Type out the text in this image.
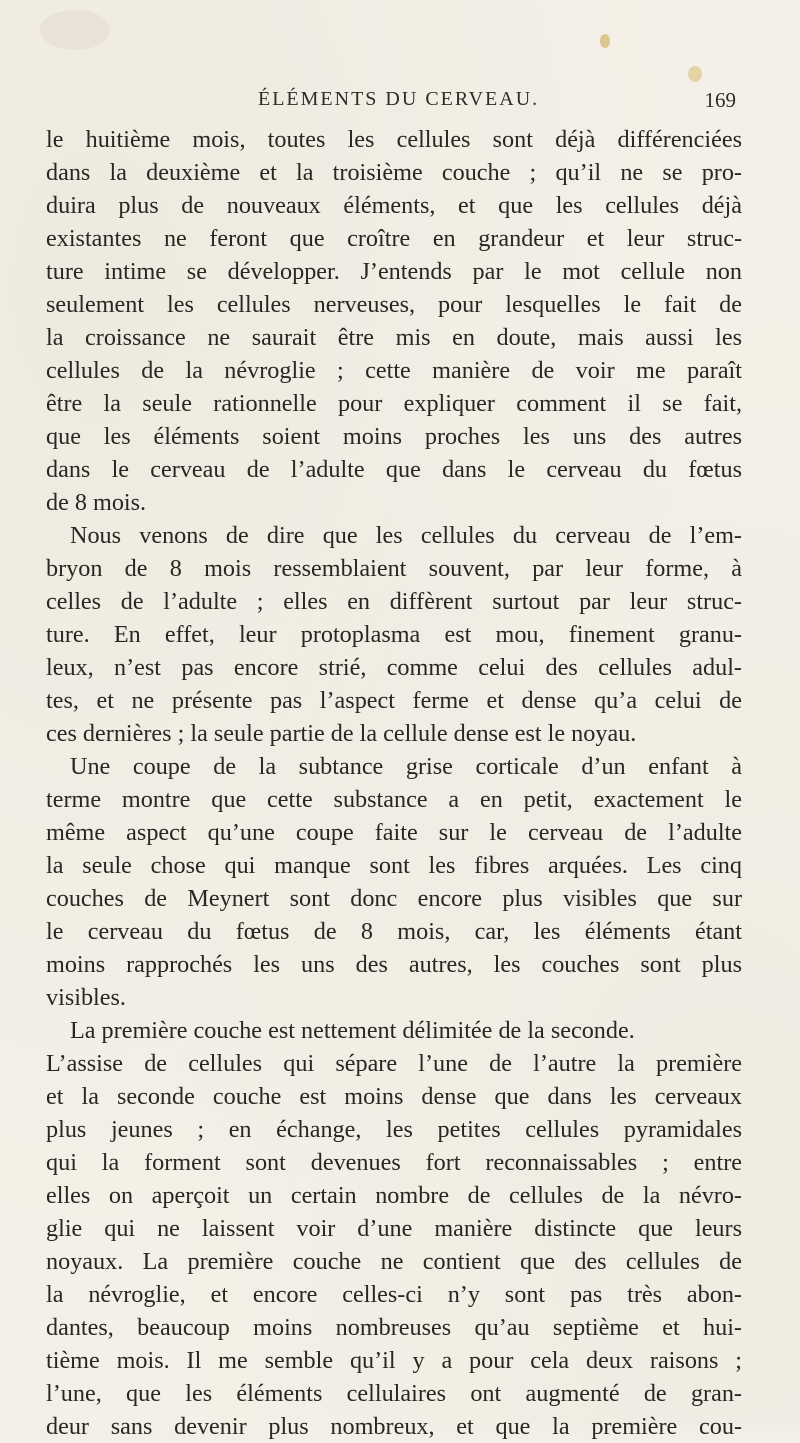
ÉLÉMENTS DU CERVEAU.	169
le huitième mois, toutes les cellules sont déjà différenciées
dans la deuxième et la troisième couche ; qu’il ne se pro-
duira plus de nouveaux éléments, et que les cellules déjà
existantes ne feront que croître en grandeur et leur struc-
ture intime se développer. J’entends par le mot cellule non
seulement les cellules nerveuses, pour lesquelles le fait de
la croissance ne saurait être mis en doute, mais aussi les
cellules de la névroglie ; cette manière de voir me paraît
être la seule rationnelle pour expliquer comment il se fait,
que les éléments soient moins proches les uns des autres
dans le cerveau de l’adulte que dans le cerveau du fœtus
de 8 mois.
Nous venons de dire que les cellules du cerveau de l’em-
bryon de 8 mois ressemblaient souvent, par leur forme, à
celles de l’adulte ; elles en diffèrent surtout par leur struc-
ture. En effet, leur protoplasma est mou, finement granu-
leux, n’est pas encore strié, comme celui des cellules adul-
tes, et ne présente pas l’aspect ferme et dense qu’a celui de
ces dernières ; la seule partie de la cellule dense est le noyau.
Une coupe de la subtance grise corticale d’un enfant à
terme montre que cette substance a en petit, exactement le
même aspect qu’une coupe faite sur le cerveau de l’adulte
la seule chose qui manque sont les fibres arquées. Les cinq
couches de Meynert sont donc encore plus visibles que sur
le cerveau du fœtus de 8 mois, car, les éléments étant
moins rapprochés les uns des autres, les couches sont plus
visibles.
La première couche est nettement délimitée de la seconde.
L’assise de cellules qui sépare l’une de l’autre la première
et la seconde couche est moins dense que dans les cerveaux
plus jeunes ; en échange, les petites cellules pyramidales
qui la forment sont devenues fort reconnaissables ; entre
elles on aperçoit un certain nombre de cellules de la névro-
glie qui ne laissent voir d’une manière distincte que leurs
noyaux. La première couche ne contient que des cellules de
la névroglie, et encore celles-ci n’y sont pas très abon-
dantes, beaucoup moins nombreuses qu’au septième et hui-
tième mois. Il me semble qu’il y a pour cela deux raisons ;
l’une, que les éléments cellulaires ont augmenté de gran-
deur sans devenir plus nombreux, et que la première cou-
